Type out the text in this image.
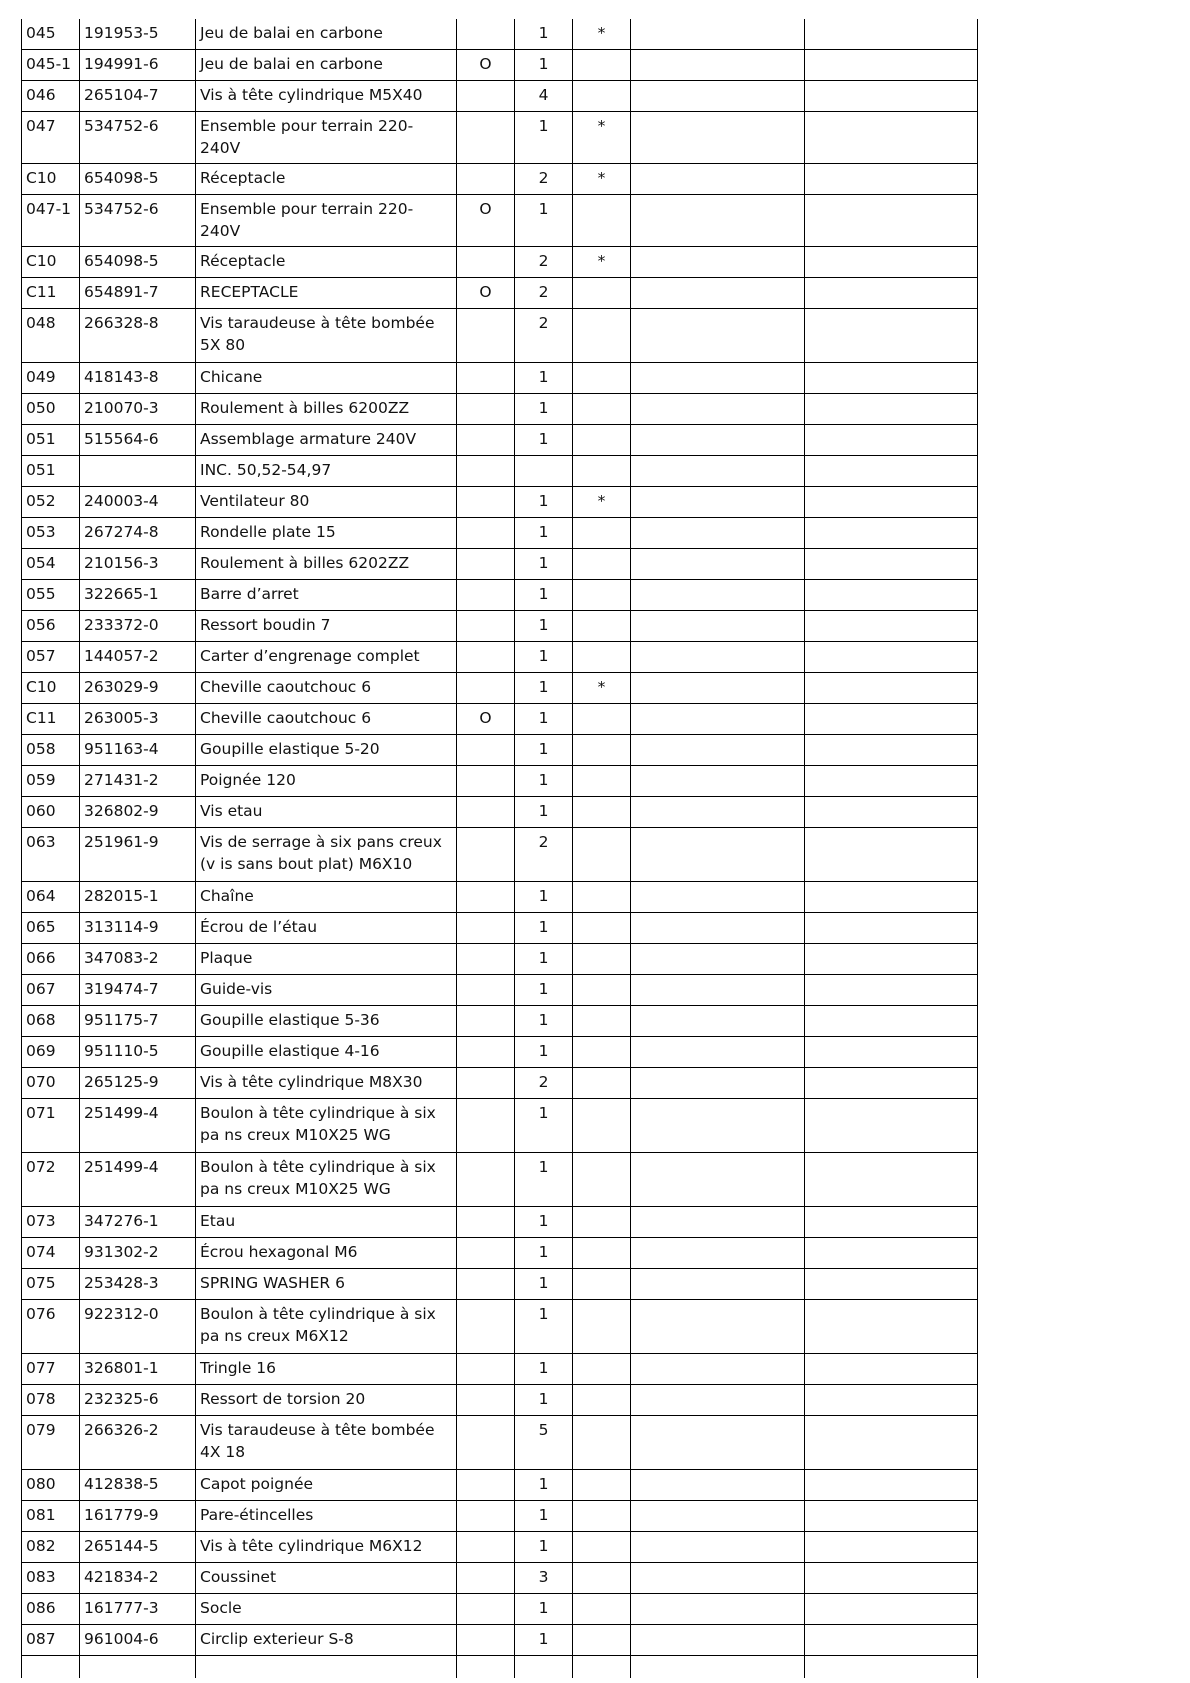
045	191953-5	Jeu de balai en carbone		1	*		
045-1	194991-6	Jeu de balai en carbone	O	1			
046	265104-7	Vis à tête cylindrique M5X40		4			
047	534752-6	Ensemble pour terrain 220-240V		1	*		
C10	654098-5	Réceptacle		2	*		
047-1	534752-6	Ensemble pour terrain 220-240V	O	1			
C10	654098-5	Réceptacle		2	*		
C11	654891-7	RECEPTACLE	O	2			
048	266328-8	Vis taraudeuse à tête bombée 5X 80		2			
049	418143-8	Chicane		1			
050	210070-3	Roulement à billes 6200ZZ		1			
051	515564-6	Assemblage armature 240V		1			
051		INC. 50,52-54,97					
052	240003-4	Ventilateur 80		1	*		
053	267274-8	Rondelle plate 15		1			
054	210156-3	Roulement à billes 6202ZZ		1			
055	322665-1	Barre d’arret		1			
056	233372-0	Ressort boudin 7		1			
057	144057-2	Carter d’engrenage complet		1			
C10	263029-9	Cheville caoutchouc 6		1	*		
C11	263005-3	Cheville caoutchouc 6	O	1			
058	951163-4	Goupille elastique 5-20		1			
059	271431-2	Poignée 120		1			
060	326802-9	Vis etau		1			
063	251961-9	Vis de serrage à six pans creux (v is sans bout plat) M6X10		2			
064	282015-1	Chaîne		1			
065	313114-9	Écrou de l’étau		1			
066	347083-2	Plaque		1			
067	319474-7	Guide-vis		1			
068	951175-7	Goupille elastique 5-36		1			
069	951110-5	Goupille elastique 4-16		1			
070	265125-9	Vis à tête cylindrique M8X30		2			
071	251499-4	Boulon à tête cylindrique à six pa ns creux M10X25 WG		1			
072	251499-4	Boulon à tête cylindrique à six pa ns creux M10X25 WG		1			
073	347276-1	Etau		1			
074	931302-2	Écrou hexagonal M6		1			
075	253428-3	SPRING WASHER 6		1			
076	922312-0	Boulon à tête cylindrique à six pa ns creux M6X12		1			
077	326801-1	Tringle 16		1			
078	232325-6	Ressort de torsion 20		1			
079	266326-2	Vis taraudeuse à tête bombée 4X 18		5			
080	412838-5	Capot poignée		1			
081	161779-9	Pare-étincelles		1			
082	265144-5	Vis à tête cylindrique M6X12		1			
083	421834-2	Coussinet		3			
086	161777-3	Socle		1			
087	961004-6	Circlip exterieur S-8		1			
